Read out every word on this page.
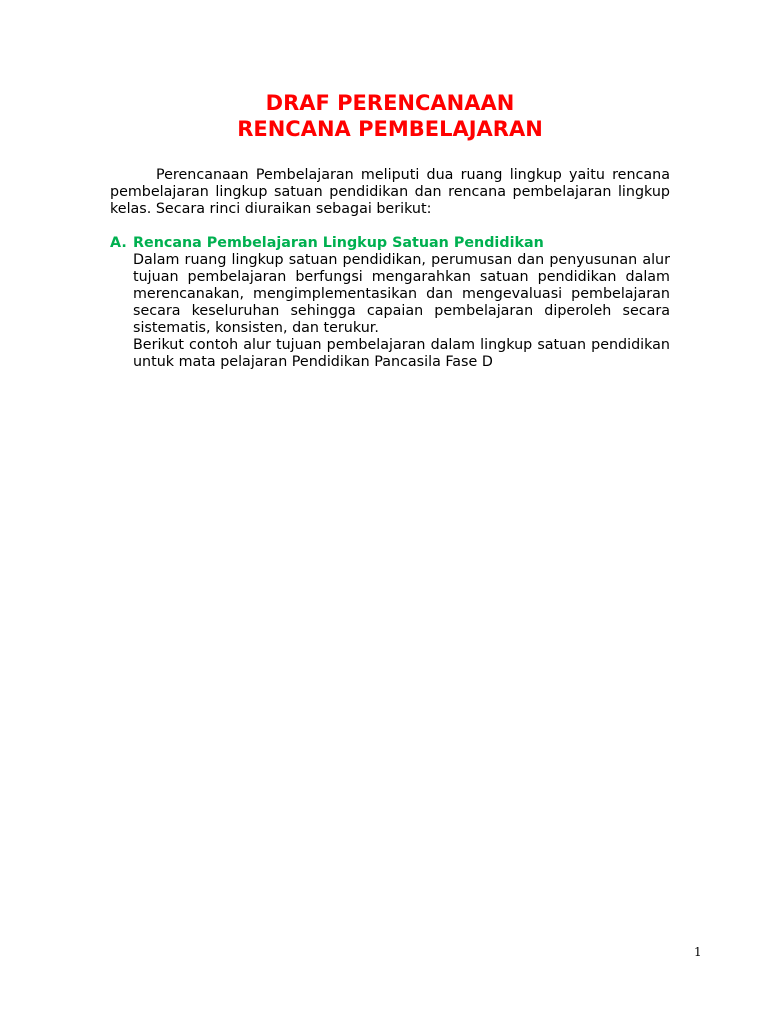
DRAF PERENCANAAN
RENCANA PEMBELAJARAN

Perencanaan Pembelajaran meliputi dua ruang lingkup yaitu rencana pembelajaran lingkup satuan pendidikan dan rencana pembelajaran lingkup kelas. Secara rinci diuraikan sebagai berikut:

A. Rencana Pembelajaran Lingkup Satuan Pendidikan

Dalam ruang lingkup satuan pendidikan, perumusan dan penyusunan alur tujuan pembelajaran berfungsi mengarahkan satuan pendidikan dalam merencanakan, mengimplementasikan dan mengevaluasi pembelajaran secara keseluruhan sehingga capaian pembelajaran diperoleh secara sistematis, konsisten, dan terukur.

Berikut contoh alur tujuan pembelajaran dalam lingkup satuan pendidikan untuk mata pelajaran Pendidikan Pancasila Fase D

1
